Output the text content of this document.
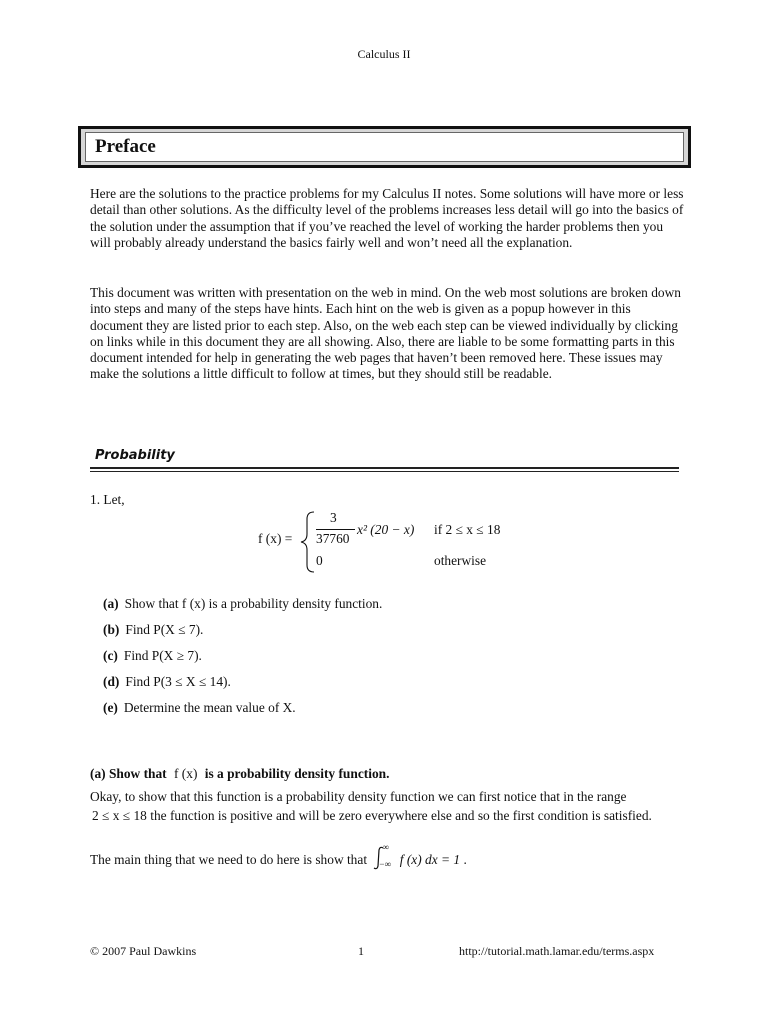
Calculus II
Preface

Here are the solutions to the practice problems for my Calculus II notes. Some solutions will have more or less detail than other solutions. As the difficulty level of the problems increases less detail will go into the basics of the solution under the assumption that if you’ve reached the level of working the harder problems then you will probably already understand the basics fairly well and won’t need all the explanation.

This document was written with presentation on the web in mind. On the web most solutions are broken down into steps and many of the steps have hints. Each hint on the web is given as a popup however in this document they are listed prior to each step. Also, on the web each step can be viewed individually by clicking on links while in this document they are all showing. Also, there are liable to be some formatting parts in this document intended for help in generating the web pages that haven’t been removed here. These issues may make the solutions a little difficult to follow at times, but they should still be readable.

Probability
1. Let,
f (x) =
3
37760
x² (20 − x) if 2 ≤ x ≤ 18
0	otherwise
(a) Show that f (x) is a probability density function.
(b) Find P(X ≤ 7).
(c) Find P(X ≥ 7).
(d) Find P(3 ≤ X ≤ 14).
(e) Determine the mean value of X.
(a) Show that f (x) is a probability density function.
Okay, to show that this function is a probability density function we can first notice that in the range
2 ≤ x ≤ 18 the function is positive and will be zero everywhere else and so the first condition is satisfied.
The main thing that we need to do here is show that
∞
−∞ f (x) dx = 1 .
© 2007 Paul Dawkins	1	http://tutorial.math.lamar.edu/terms.aspx
